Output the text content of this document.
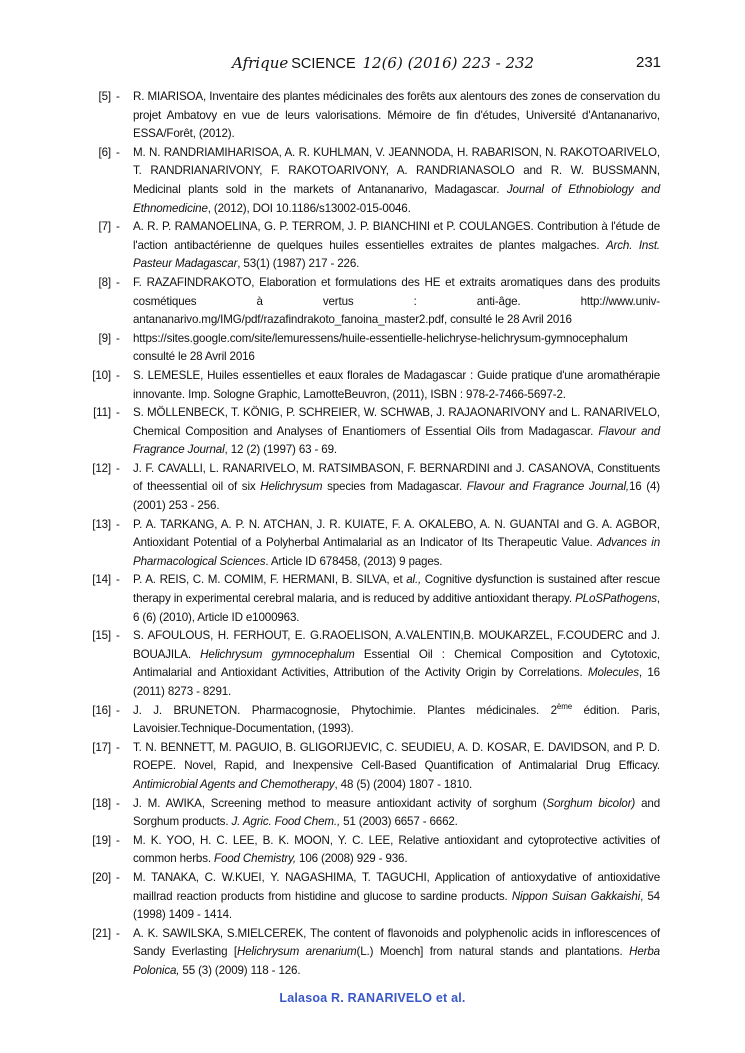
Afrique SCIENCE 12(6) (2016) 223 - 232	231
[5] - R. MIARISOA, Inventaire des plantes médicinales des forêts aux alentours des zones de conservation du projet Ambatovy en vue de leurs valorisations. Mémoire de fin d'études, Université d'Antananarivo, ESSA/Forêt, (2012).
[6] - M. N. RANDRIAMIHARISOA, A. R. KUHLMAN, V. JEANNODA, H. RABARISON, N. RAKOTOARIVELO, T. RANDRIANARIVONY, F. RAKOTOARIVONY, A. RANDRIANASOLO and R. W. BUSSMANN, Medicinal plants sold in the markets of Antananarivo, Madagascar. Journal of Ethnobiology and Ethnomedicine, (2012), DOI 10.1186/s13002-015-0046.
[7] - A. R. P. RAMANOELINA, G. P. TERROM, J. P. BIANCHINI et P. COULANGES. Contribution à l'étude de l'action antibactérienne de quelques huiles essentielles extraites de plantes malgaches. Arch. Inst. Pasteur Madagascar, 53(1) (1987) 217 - 226.
[8] - F. RAZAFINDRAKOTO, Elaboration et formulations des HE et extraits aromatiques dans des produits cosmétiques à vertus : anti-âge. http://www.univ-antananarivo.mg/IMG/pdf/razafindrakoto_fanoina_master2.pdf, consulté le 28 Avril 2016
[9] - https://sites.google.com/site/lemuressens/huile-essentielle-helichryse-helichrysum-gymnocephalum consulté le 28 Avril 2016
[10] - S. LEMESLE, Huiles essentielles et eaux florales de Madagascar : Guide pratique d'une aromathérapie innovante. Imp. Sologne Graphic, LamotteBeuvron, (2011), ISBN : 978-2-7466-5697-2.
[11] - S. MÖLLENBECK, T. KÖNIG, P. SCHREIER, W. SCHWAB, J. RAJAONARIVONY and L. RANARIVELO, Chemical Composition and Analyses of Enantiomers of Essential Oils from Madagascar. Flavour and Fragrance Journal, 12 (2) (1997) 63 - 69.
[12] - J. F. CAVALLI, L. RANARIVELO, M. RATSIMBASON, F. BERNARDINI and J. CASANOVA, Constituents of theessential oil of six Helichrysum species from Madagascar. Flavour and Fragrance Journal,16 (4) (2001) 253 - 256.
[13] - P. A. TARKANG, A. P. N. ATCHAN, J. R. KUIATE, F. A. OKALEBO, A. N. GUANTAI and G. A. AGBOR, Antioxidant Potential of a Polyherbal Antimalarial as an Indicator of Its Therapeutic Value. Advances in Pharmacological Sciences. Article ID 678458, (2013) 9 pages.
[14] - P. A. REIS, C. M. COMIM, F. HERMANI, B. SILVA, et al., Cognitive dysfunction is sustained after rescue therapy in experimental cerebral malaria, and is reduced by additive antioxidant therapy. PLoSPathogens, 6 (6) (2010), Article ID e1000963.
[15] - S. AFOULOUS, H. FERHOUT, E. G.RAOELISON, A.VALENTIN,B. MOUKARZEL, F.COUDERC and J. BOUAJILA. Helichrysum gymnocephalum Essential Oil : Chemical Composition and Cytotoxic, Antimalarial and Antioxidant Activities, Attribution of the Activity Origin by Correlations. Molecules, 16 (2011) 8273 - 8291.
[16] - J. J. BRUNETON. Pharmacognosie, Phytochimie. Plantes médicinales. 2ème édition. Paris, Lavoisier.Technique-Documentation, (1993).
[17] - T. N. BENNETT, M. PAGUIO, B. GLIGORIJEVIC, C. SEUDIEU, A. D. KOSAR, E. DAVIDSON, and P. D. ROEPE. Novel, Rapid, and Inexpensive Cell-Based Quantification of Antimalarial Drug Efficacy. Antimicrobial Agents and Chemotherapy, 48 (5) (2004) 1807 - 1810.
[18] - J. M. AWIKA, Screening method to measure antioxidant activity of sorghum (Sorghum bicolor) and Sorghum products. J. Agric. Food Chem., 51 (2003) 6657 - 6662.
[19] - M. K. YOO, H. C. LEE, B. K. MOON, Y. C. LEE, Relative antioxidant and cytoprotective activities of common herbs. Food Chemistry, 106 (2008) 929 - 936.
[20] - M. TANAKA, C. W.KUEI, Y. NAGASHIMA, T. TAGUCHI, Application of antioxydative of antioxidative maillrad reaction products from histidine and glucose to sardine products. Nippon Suisan Gakkaishi, 54 (1998) 1409 - 1414.
[21] - A. K. SAWILSKA, S.MIELCEREK, The content of flavonoids and polyphenolic acids in inflorescences of Sandy Everlasting [Helichrysum arenarium(L.) Moench] from natural stands and plantations. Herba Polonica, 55 (3) (2009) 118 - 126.
Lalasoa R. RANARIVELO et al.
